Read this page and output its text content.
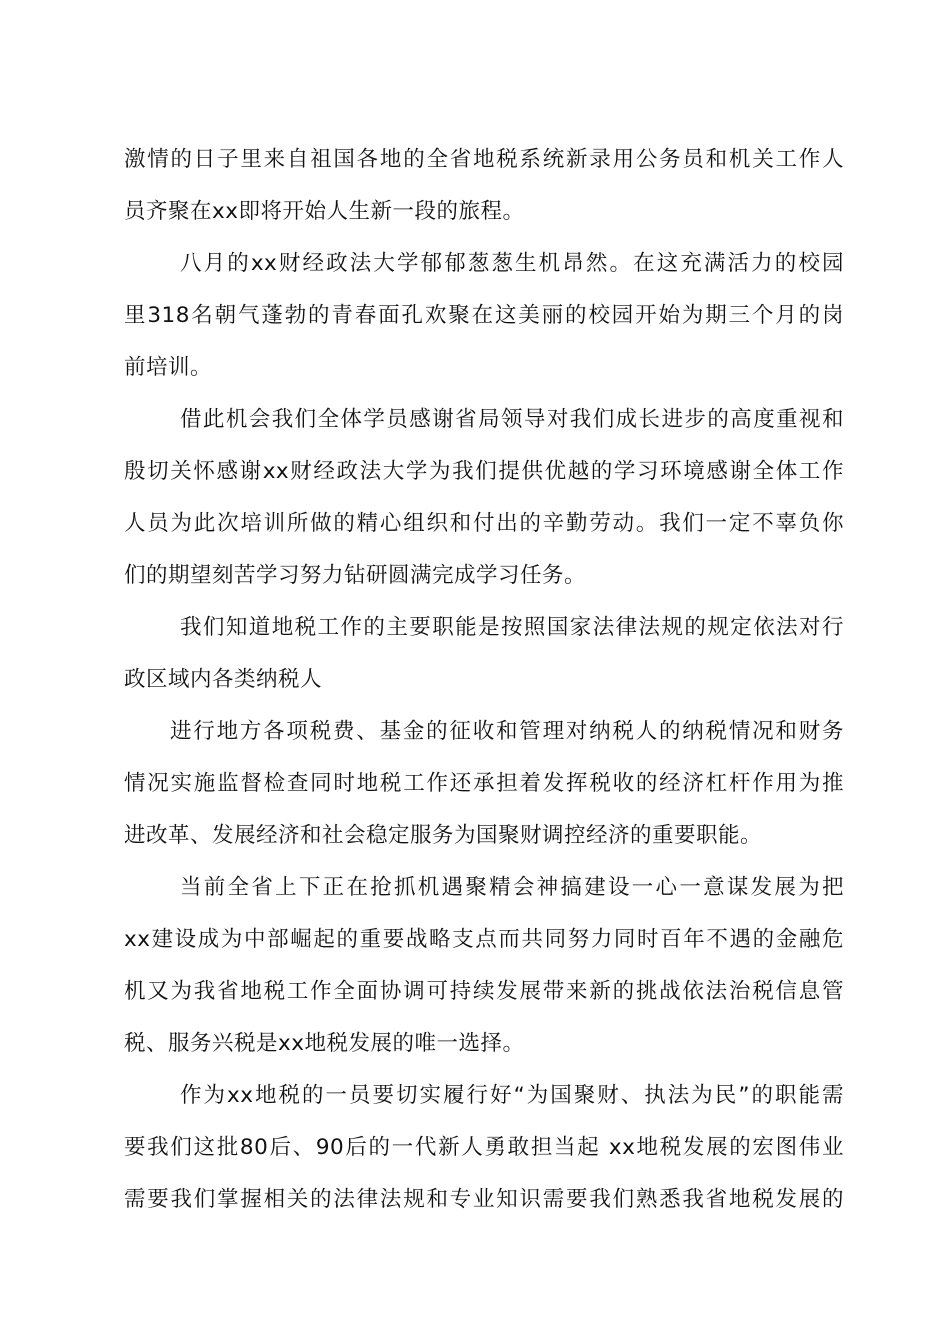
激情的日子里来自祖国各地的全省地税系统新录用公务员和机关工作人
员齐聚在xx即将开始人生新一段的旅程。
八月的xx财经政法大学郁郁葱葱生机昂然。在这充满活力的校园
里318名朝气蓬勃的青春面孔欢聚在这美丽的校园开始为期三个月的岗
前培训。
借此机会我们全体学员感谢省局领导对我们成长进步的高度重视和
殷切关怀感谢xx财经政法大学为我们提供优越的学习环境感谢全体工作
人员为此次培训所做的精心组织和付出的辛勤劳动。我们一定不辜负你
们的期望刻苦学习努力钻研圆满完成学习任务。
我们知道地税工作的主要职能是按照国家法律法规的规定依法对行
政区域内各类纳税人
进行地方各项税费、基金的征收和管理对纳税人的纳税情况和财务
情况实施监督检查同时地税工作还承担着发挥税收的经济杠杆作用为推
进改革、发展经济和社会稳定服务为国聚财调控经济的重要职能。
当前全省上下正在抢抓机遇聚精会神搞建设一心一意谋发展为把
xx建设成为中部崛起的重要战略支点而共同努力同时百年不遇的金融危
机又为我省地税工作全面协调可持续发展带来新的挑战依法治税信息管
税、服务兴税是xx地税发展的唯一选择。
作为xx地税的一员要切实履行好“为国聚财、执法为民”的职能需
要我们这批80后、90后的一代新人勇敢担当起 xx地税发展的宏图伟业
需要我们掌握相关的法律法规和专业知识需要我们熟悉我省地税发展的
